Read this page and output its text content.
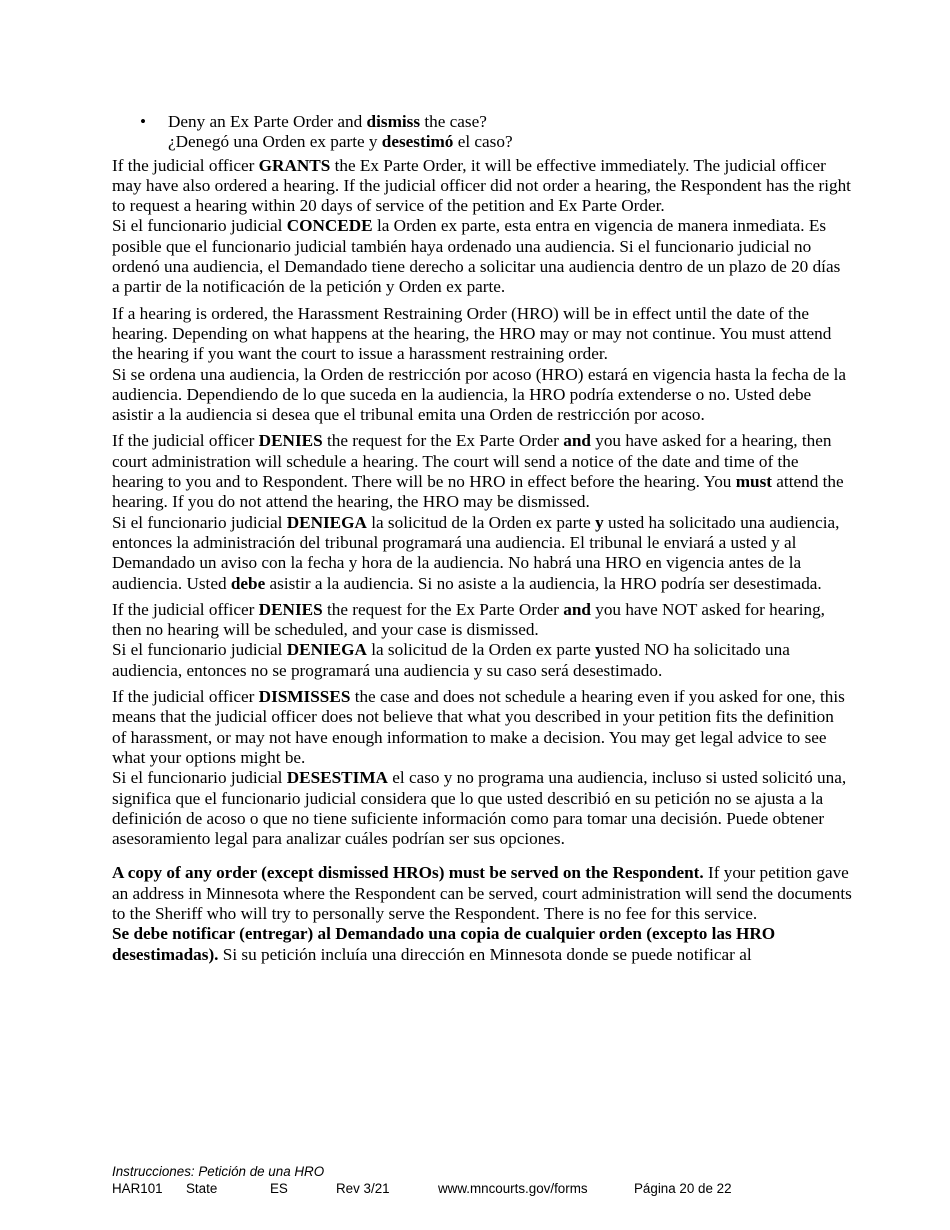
• Deny an Ex Parte Order and dismiss the case?
¿Denegó una Orden ex parte y desestimó el caso?

If the judicial officer GRANTS the Ex Parte Order, it will be effective immediately. The judicial officer may have also ordered a hearing. If the judicial officer did not order a hearing, the Respondent has the right to request a hearing within 20 days of service of the petition and Ex Parte Order.

Si el funcionario judicial CONCEDE la Orden ex parte, esta entra en vigencia de manera inmediata. Es posible que el funcionario judicial también haya ordenado una audiencia. Si el funcionario judicial no ordenó una audiencia, el Demandado tiene derecho a solicitar una audiencia dentro de un plazo de 20 días a partir de la notificación de la petición y Orden ex parte.

If a hearing is ordered, the Harassment Restraining Order (HRO) will be in effect until the date of the hearing. Depending on what happens at the hearing, the HRO may or may not continue. You must attend the hearing if you want the court to issue a harassment restraining order.

Si se ordena una audiencia, la Orden de restricción por acoso (HRO) estará en vigencia hasta la fecha de la audiencia. Dependiendo de lo que suceda en la audiencia, la HRO podría extenderse o no. Usted debe asistir a la audiencia si desea que el tribunal emita una Orden de restricción por acoso.

If the judicial officer DENIES the request for the Ex Parte Order and you have asked for a hearing, then court administration will schedule a hearing. The court will send a notice of the date and time of the hearing to you and to Respondent. There will be no HRO in effect before the hearing. You must attend the hearing. If you do not attend the hearing, the HRO may be dismissed.

Si el funcionario judicial DENIEGA la solicitud de la Orden ex parte y usted ha solicitado una audiencia, entonces la administración del tribunal programará una audiencia. El tribunal le enviará a usted y al Demandado un aviso con la fecha y hora de la audiencia. No habrá una HRO en vigencia antes de la audiencia. Usted debe asistir a la audiencia. Si no asiste a la audiencia, la HRO podría ser desestimada.

If the judicial officer DENIES the request for the Ex Parte Order and you have NOT asked for hearing, then no hearing will be scheduled, and your case is dismissed.

Si el funcionario judicial DENIEGA la solicitud de la Orden ex parte yusted NO ha solicitado una audiencia, entonces no se programará una audiencia y su caso será desestimado.

If the judicial officer DISMISSES the case and does not schedule a hearing even if you asked for one, this means that the judicial officer does not believe that what you described in your petition fits the definition of harassment, or may not have enough information to make a decision. You may get legal advice to see what your options might be.

Si el funcionario judicial DESESTIMA el caso y no programa una audiencia, incluso si usted solicitó una, significa que el funcionario judicial considera que lo que usted describió en su petición no se ajusta a la definición de acoso o que no tiene suficiente información como para tomar una decisión. Puede obtener asesoramiento legal para analizar cuáles podrían ser sus opciones.

A copy of any order (except dismissed HROs) must be served on the Respondent. If your petition gave an address in Minnesota where the Respondent can be served, court administration will send the documents to the Sheriff who will try to personally serve the Respondent. There is no fee for this service.

Se debe notificar (entregar) al Demandado una copia de cualquier orden (excepto las HRO desestimadas). Si su petición incluía una dirección en Minnesota donde se puede notificar al

Instrucciones: Petición de una HRO
HAR101 State	ES	Rev 3/21	www.mncourts.gov/forms	Página 20 de 22
